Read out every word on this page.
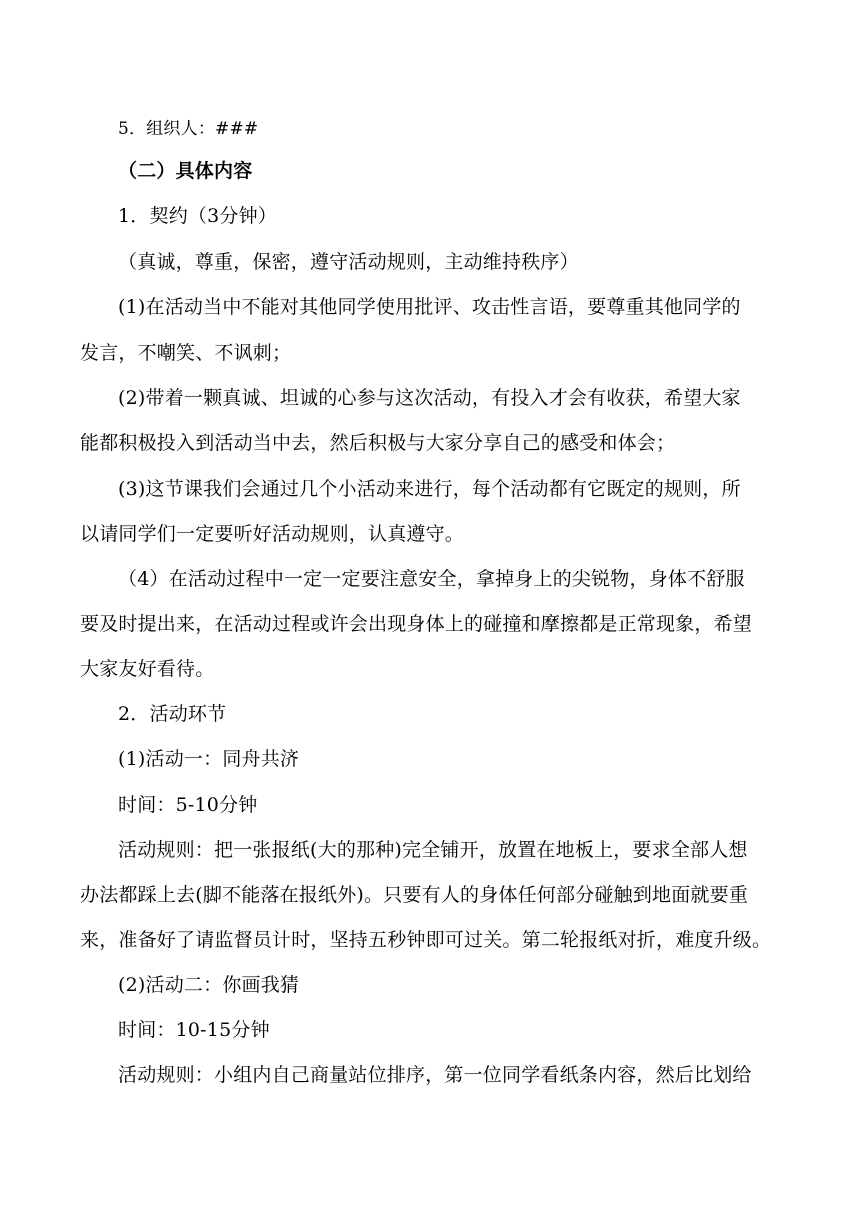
5．组织人：###
（二）具体内容
1．契约（3分钟）
（真诚，尊重，保密，遵守活动规则，主动维持秩序）
(1)在活动当中不能对其他同学使用批评、攻击性言语，要尊重其他同学的
发言，不嘲笑、不讽刺；
(2)带着一颗真诚、坦诚的心参与这次活动，有投入才会有收获，希望大家
能都积极投入到活动当中去，然后积极与大家分享自己的感受和体会；
(3)这节课我们会通过几个小活动来进行，每个活动都有它既定的规则，所
以请同学们一定要听好活动规则，认真遵守。
（4）在活动过程中一定一定要注意安全，拿掉身上的尖锐物，身体不舒服
要及时提出来，在活动过程或许会出现身体上的碰撞和摩擦都是正常现象，希望
大家友好看待。
2．活动环节
(1)活动一：同舟共济
时间：5-10分钟
活动规则：把一张报纸(大的那种)完全铺开，放置在地板上，要求全部人想
办法都踩上去(脚不能落在报纸外)。只要有人的身体任何部分碰触到地面就要重
来，准备好了请监督员计时，坚持五秒钟即可过关。第二轮报纸对折，难度升级。
(2)活动二：你画我猜
时间：10-15分钟
活动规则：小组内自己商量站位排序，第一位同学看纸条内容，然后比划给
